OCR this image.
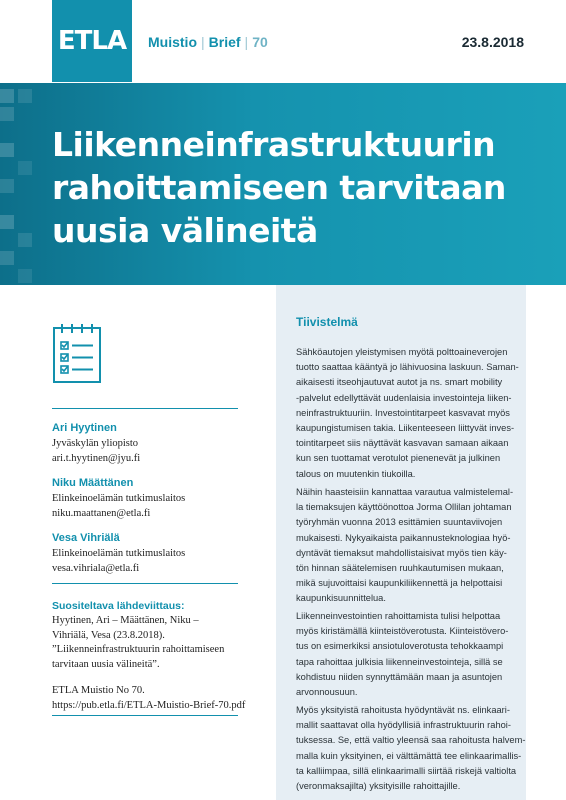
ETLA	Muistio | Brief | 70	23.8.2018
Liikenneinfrastruktuurin
rahoittamiseen tarvitaan
uusia välineitä
Ari Hyytinen
Jyväskylän yliopisto
ari.t.hyytinen@jyu.fi
Niku Määttänen
Elinkeinoelämän tutkimuslaitos
niku.maattanen@etla.fi
Vesa Vihriälä
Elinkeinoelämän tutkimuslaitos
vesa.vihriala@etla.fi
Suositeltava lähdeviittaus:
Hyytinen, Ari – Määttänen, Niku –
Vihriälä, Vesa (23.8.2018).
”Liikenneinfrastruktuurin rahoittamiseen
tarvitaan uusia välineitä”.
ETLA Muistio No 70.
https://pub.etla.fi/ETLA-Muistio-Brief-70.pdf
Tiivistelmä
Sähköautojen yleistymisen myötä polttoaineverojen
tuotto saattaa kääntyä jo lähivuosina laskuun. Saman-
aikaisesti itseohjautuvat autot ja ns. smart mobility
-palvelut edellyttävät uudenlaisia investointeja liiken-
neinfrastruktuuriin. Investointitarpeet kasvavat myös
kaupungistumisen takia. Liikenteeseen liittyvät inves-
tointitarpeet siis näyttävät kasvavan samaan aikaan
kun sen tuottamat verotulot pienenevät ja julkinen
talous on muutenkin tiukoilla.
Näihin haasteisiin kannattaa varautua valmistelemal-
la tiemaksujen käyttöönottoa Jorma Ollilan johtaman
työryhmän vuonna 2013 esittämien suuntaviivojen
mukaisesti. Nykyaikaista paikannusteknologiaa hyö-
dyntävät tiemaksut mahdollistaisivat myös tien käy-
tön hinnan säätelemisen ruuhkautumisen mukaan,
mikä sujuvoittaisi kaupunkiliikennettä ja helpottaisi
kaupunkisuunnittelua.
Liikenneinvestointien rahoittamista tulisi helpottaa
myös kiristämällä kiinteistöverotusta. Kiinteistövero-
tus on esimerkiksi ansiotuloverotusta tehokkaampi
tapa rahoittaa julkisia liikenneinvestointeja, sillä se
kohdistuu niiden synnyttämään maan ja asuntojen
arvonnousuun.
Myös yksityistä rahoitusta hyödyntävät ns. elinkaari-
mallit saattavat olla hyödyllisiä infrastruktuurin rahoi-
tuksessa. Se, että valtio yleensä saa rahoitusta halvem-
malla kuin yksityinen, ei välttämättä tee elinkaarimallis-
ta kalliimpaa, sillä elinkaarimalli siirtää riskejä valtiolta
(veronmaksajilta) yksityisille rahoittajille.
